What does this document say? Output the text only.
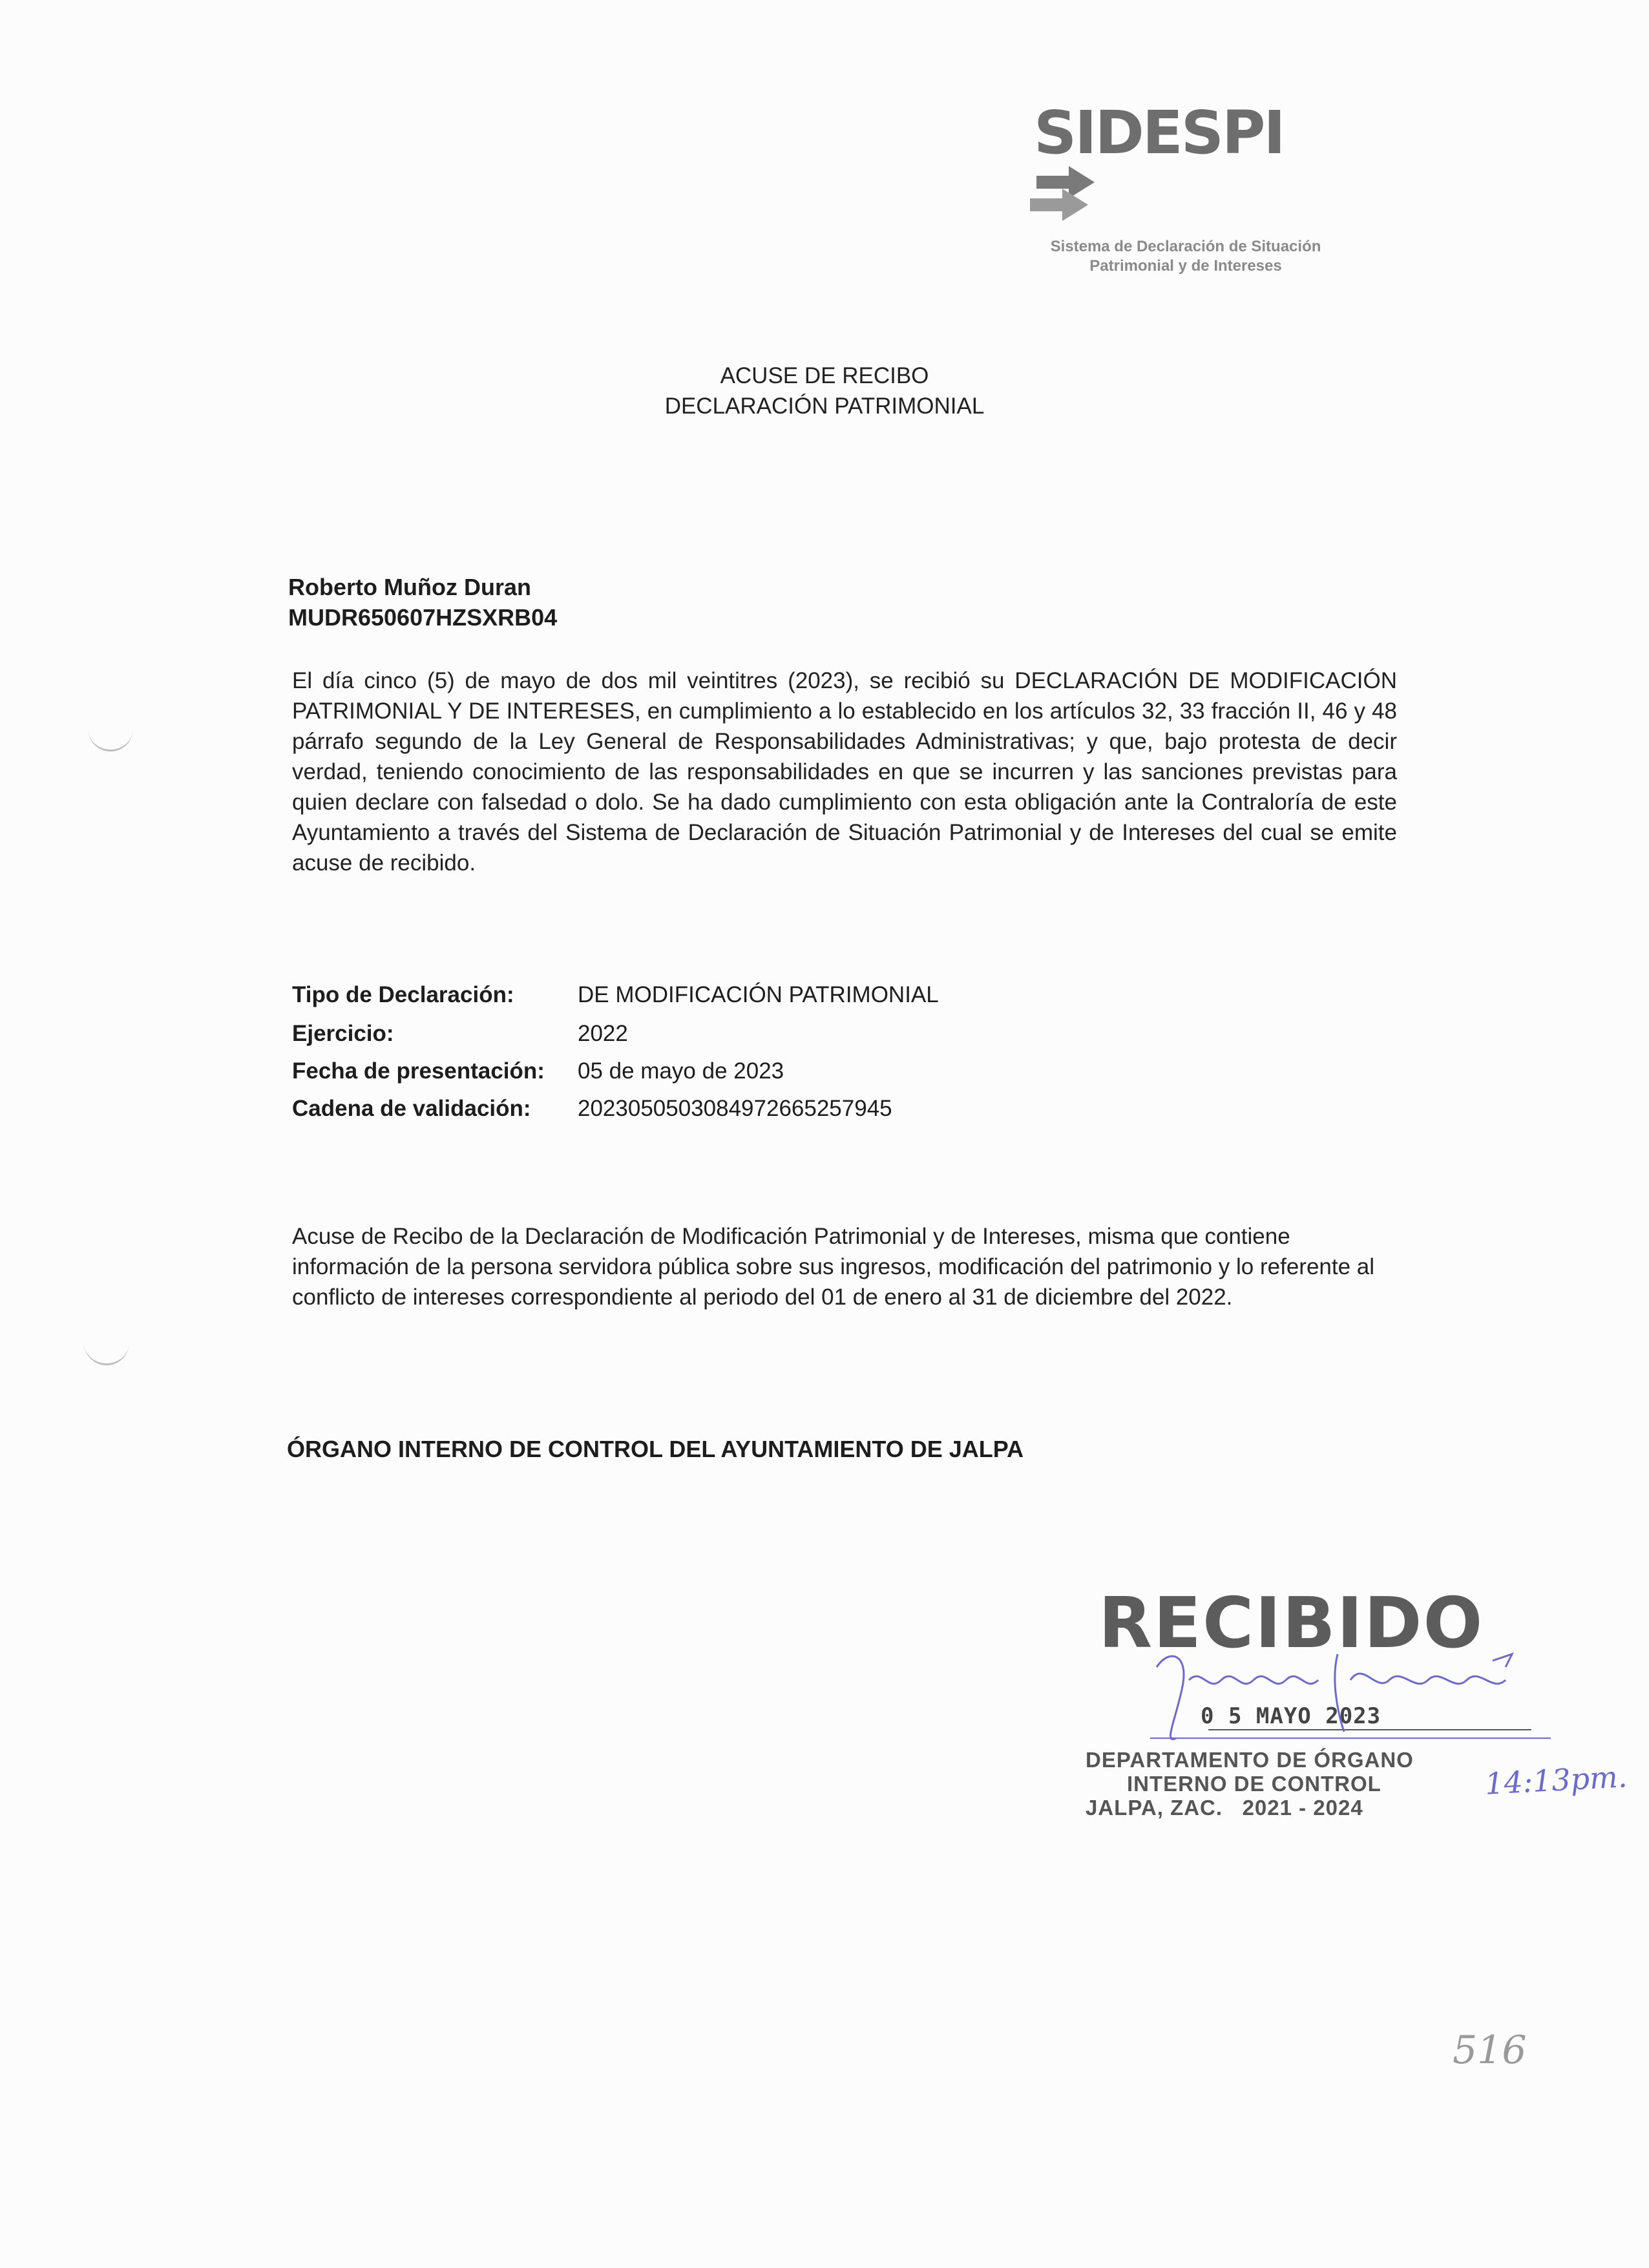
SIDESPI
Sistema de Declaración de Situación
Patrimonial y de Intereses
ACUSE DE RECIBO
DECLARACIÓN PATRIMONIAL
Roberto Muñoz Duran
MUDR650607HZSXRB04
El día cinco (5) de mayo de dos mil veintitres (2023), se recibió su DECLARACIÓN DE MODIFICACIÓN PATRIMONIAL Y DE INTERESES, en cumplimiento a lo establecido en los artículos 32, 33 fracción II, 46 y 48 párrafo segundo de la Ley General de Responsabilidades Administrativas; y que, bajo protesta de decir verdad, teniendo conocimiento de las responsabilidades en que se incurren y las sanciones previstas para quien declare con falsedad o dolo. Se ha dado cumplimiento con esta obligación ante la Contraloría de este Ayuntamiento a través del Sistema de Declaración de Situación Patrimonial y de Intereses del cual se emite acuse de recibido.
Tipo de Declaración:	DE MODIFICACIÓN PATRIMONIAL
Ejercicio:	2022
Fecha de presentación: 05 de mayo de 2023
Cadena de validación: 20230505030849726652579​45
Acuse de Recibo de la Declaración de Modificación Patrimonial y de Intereses, misma que contiene información de la persona servidora pública sobre sus ingresos, modificación del patrimonio y lo referente al conflicto de intereses correspondiente al periodo del 01 de enero al 31 de diciembre del 2022.
ÓRGANO INTERNO DE CONTROL DEL AYUNTAMIENTO DE JALPA
RECIBIDO
0 5 MAYO 2023
DEPARTAMENTO DE ÓRGANO
INTERNO DE CONTROL
JALPA, ZAC.   2021 - 2024
14:13pm.
516
